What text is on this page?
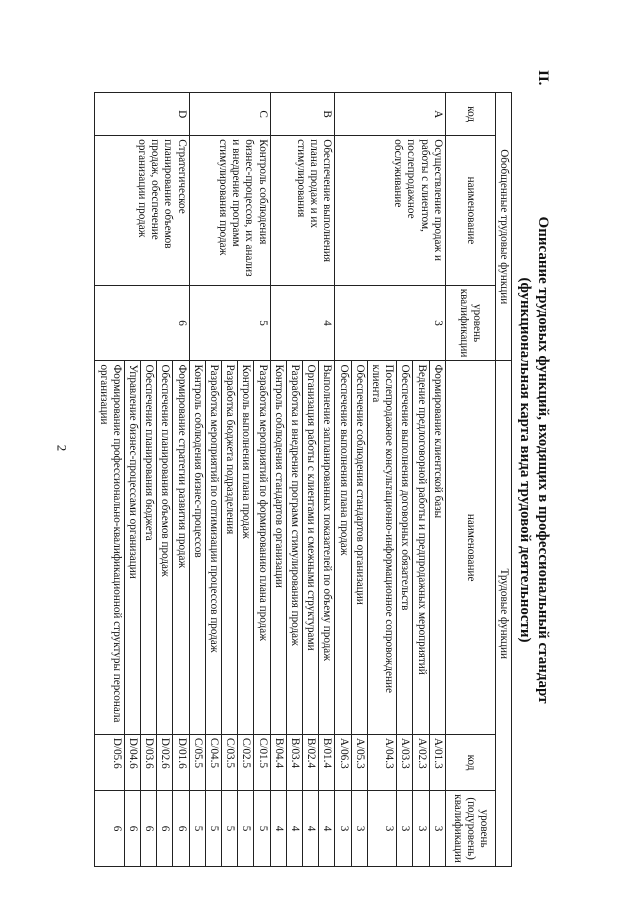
2
II.
Описание трудовых функций, входящих в профессиональный стандарт
(функциональная карта вида трудовой деятельности)
Обобщенные трудовые функции			Трудовые функции		
код	наименование	уровень квалификации	наименование	код	уровень (подуровень) квалификации
A	Осуществление продаж и работы с клиентом, послепродажное обслуживание	3	Формирование клиентской базы	A/01.3	3
			Ведение предлоговорной работы и предпродажных мероприятий	A/02.3	3
			Обеспечение выполнения договорных обязательств	A/03.3	3
			Послепродажное консультационно-информационное сопровождение клиента	A/04.3	3
			Обеспечение соблюдения стандартов организации	A/05.3	3
			Обеспечение выполнения плана продаж	A/06.3	3
B	Обеспечение выполнения плана продаж и их стимулирования	4	Выполнение запланированных показателей по объему продаж	B/01.4	4
			Организация работы с клиентами и смежными структурами	B/02.4	4
			Разработка и внедрение программ стимулирования продаж	B/03.4	4
			Контроль соблюдения стандартов организации	B/04.4	4
C	Контроль соблюдения бизнес-процессов, их анализ и внедрение программ стимулирования продаж	5	Разработка мероприятий по формированию плана продаж	C/01.5	5
			Контроль выполнения плана продаж	C/02.5	5
			Разработка бюджета подразделения	C/03.5	5
			Разработка мероприятий по оптимизации процессов продаж	C/04.5	5
			Контроль соблюдения бизнес-процессов	C/05.5	5
D	Стратегическое планирование объемов продаж, обеспечение организации продаж	6	Формирование стратегии развития продаж	D/01.6	6
			Обеспечение планирования объемов продаж	D/02.6	6
			Обеспечение планирования бюджета	D/03.6	6
			Управление бизнес-процессами организации	D/04.6	6
			Формирование профессионально-квалификационной структуры персонала организации	D/05.6	6
